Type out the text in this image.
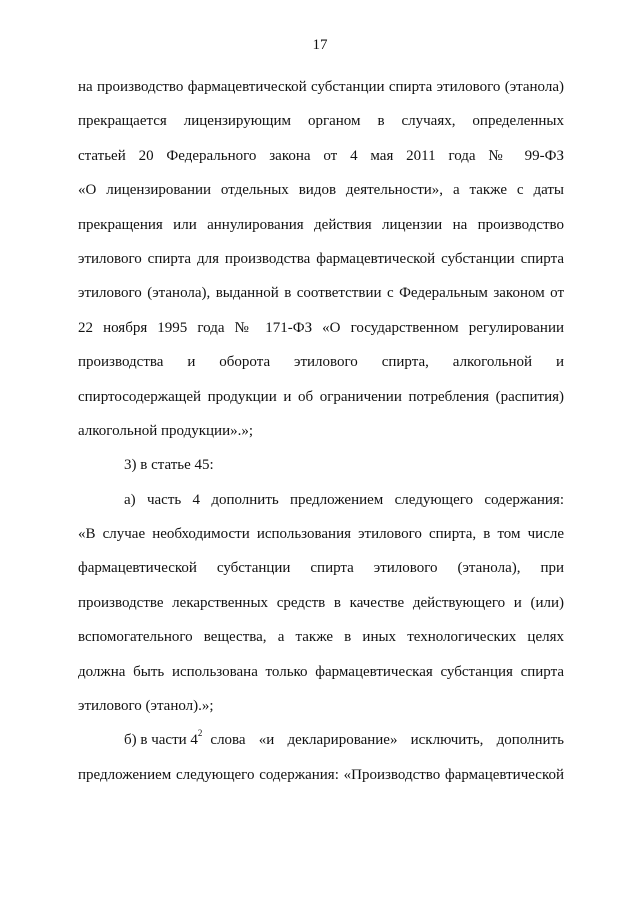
17
на производство фармацевтической субстанции спирта этилового (этанола)
прекращается лицензирующим органом в случаях, определенных
статьей 20 Федерального закона от 4 мая 2011 года № 99-ФЗ
«О лицензировании отдельных видов деятельности», а также с даты
прекращения или аннулирования действия лицензии на производство
этилового спирта для производства фармацевтической субстанции спирта
этилового (этанола), выданной в соответствии с Федеральным законом от
22 ноября 1995 года № 171-ФЗ «О государственном регулировании
производства и оборота этилового спирта, алкогольной и
спиртосодержащей продукции и об ограничении потребления (распития)
алкогольной продукции».»;
3) в статье 45:
а) часть 4 дополнить предложением следующего содержания:
«В случае необходимости использования этилового спирта, в том числе
фармацевтической субстанции спирта этилового (этанола), при
производстве лекарственных средств в качестве действующего и (или)
вспомогательного вещества, а также в иных технологических целях
должна быть использована только фармацевтическая субстанция спирта
этилового (этанол).»;
б) в части $4^2$ слова «и декларирование» исключить, дополнить
предложением следующего содержания: «Производство фармацевтической
